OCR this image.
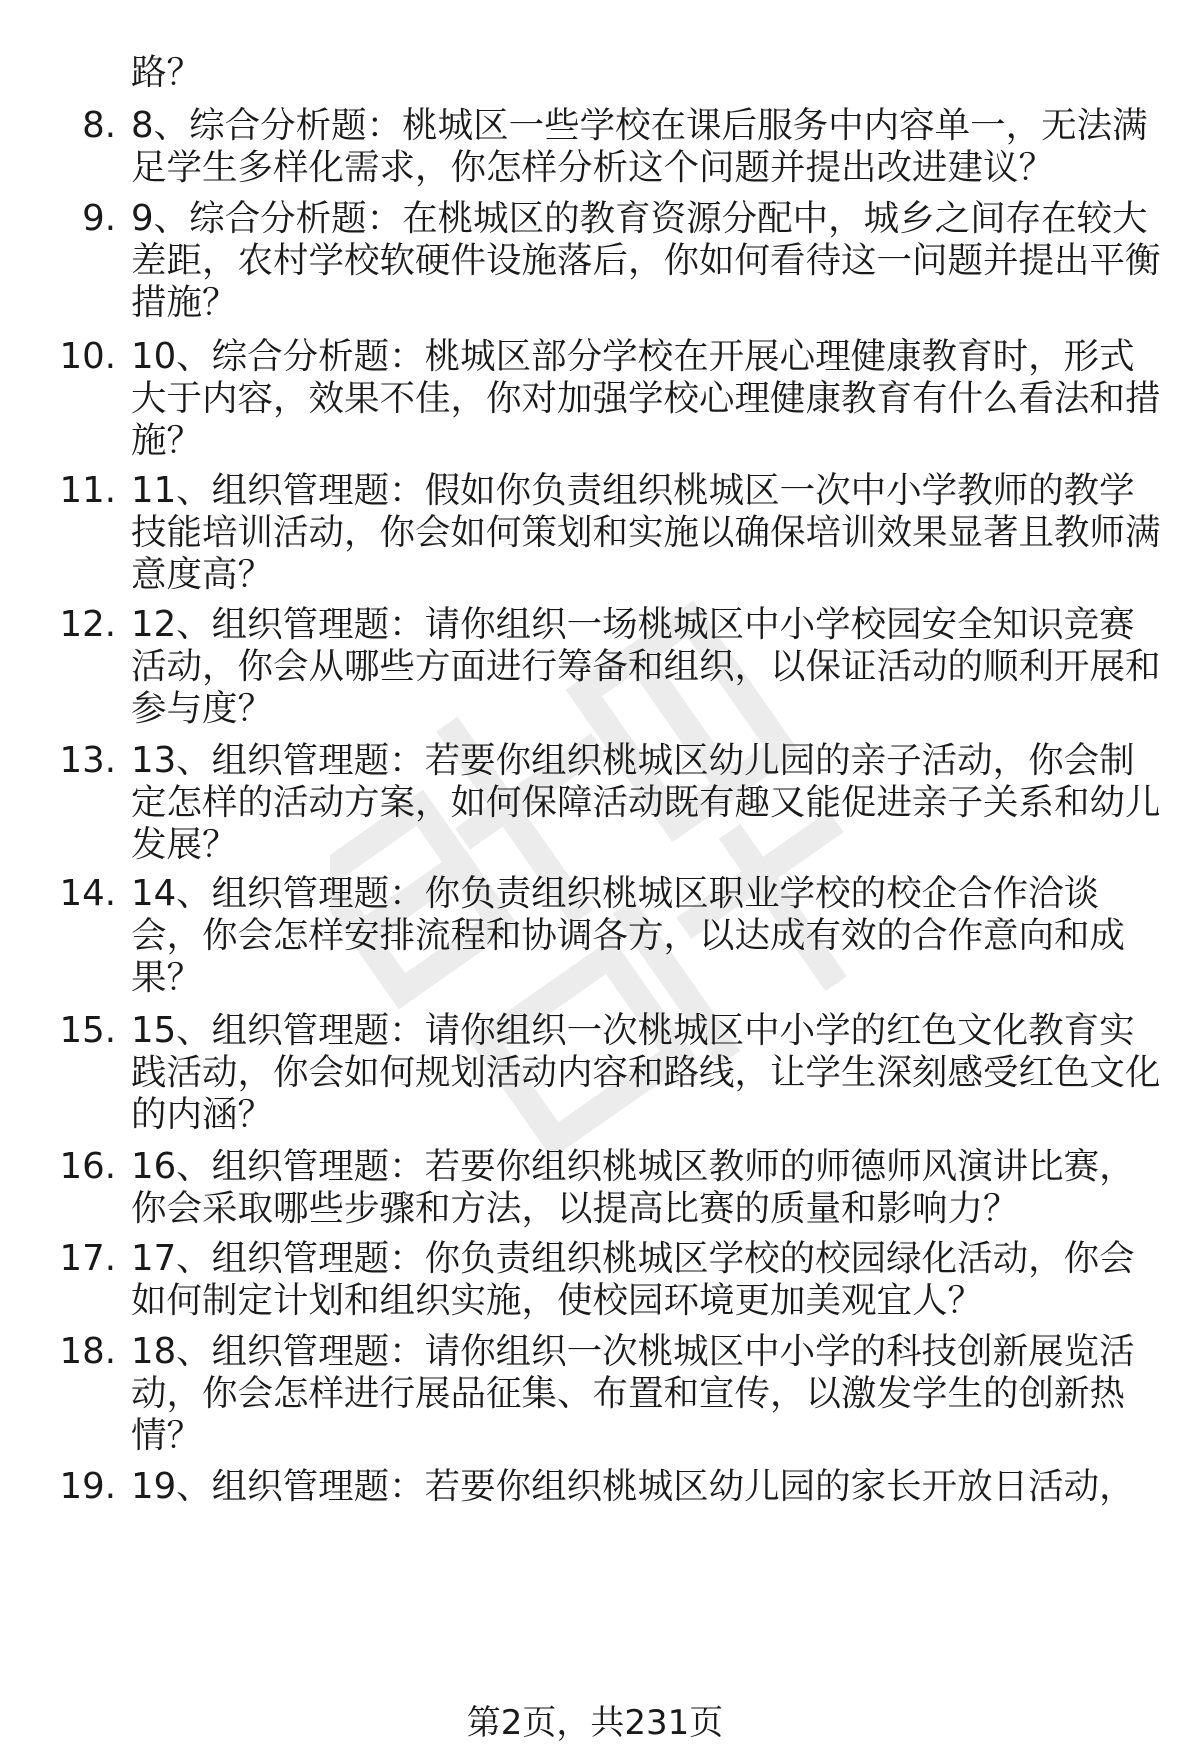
路？

8. 8、综合分析题：桃城区一些学校在课后服务中内容单一，无法满足学生多样化需求，你怎样分析这个问题并提出改进建议？

9. 9、综合分析题：在桃城区的教育资源分配中，城乡之间存在较大差距，农村学校软硬件设施落后，你如何看待这一问题并提出平衡措施？

10. 10、综合分析题：桃城区部分学校在开展心理健康教育时，形式大于内容，效果不佳，你对加强学校心理健康教育有什么看法和措施？

11. 11、组织管理题：假如你负责组织桃城区一次中小学教师的教学技能培训活动，你会如何策划和实施以确保培训效果显著且教师满意度高？

12. 12、组织管理题：请你组织一场桃城区中小学校园安全知识竞赛活动，你会从哪些方面进行筹备和组织，以保证活动的顺利开展和参与度？

13. 13、组织管理题：若要你组织桃城区幼儿园的亲子活动，你会制定怎样的活动方案，如何保障活动既有趣又能促进亲子关系和幼儿发展？

14. 14、组织管理题：你负责组织桃城区职业学校的校企合作洽谈会，你会怎样安排流程和协调各方，以达成有效的合作意向和成果？

15. 15、组织管理题：请你组织一次桃城区中小学的红色文化教育实践活动，你会如何规划活动内容和路线，让学生深刻感受红色文化的内涵？

16. 16、组织管理题：若要你组织桃城区教师的师德师风演讲比赛，你会采取哪些步骤和方法，以提高比赛的质量和影响力？

17. 17、组织管理题：你负责组织桃城区学校的校园绿化活动，你会如何制定计划和组织实施，使校园环境更加美观宜人？

18. 18、组织管理题：请你组织一次桃城区中小学的科技创新展览活动，你会怎样进行展品征集、布置和宣传，以激发学生的创新热情？

19. 19、组织管理题：若要你组织桃城区幼儿园的家长开放日活动，

第2页，共231页
